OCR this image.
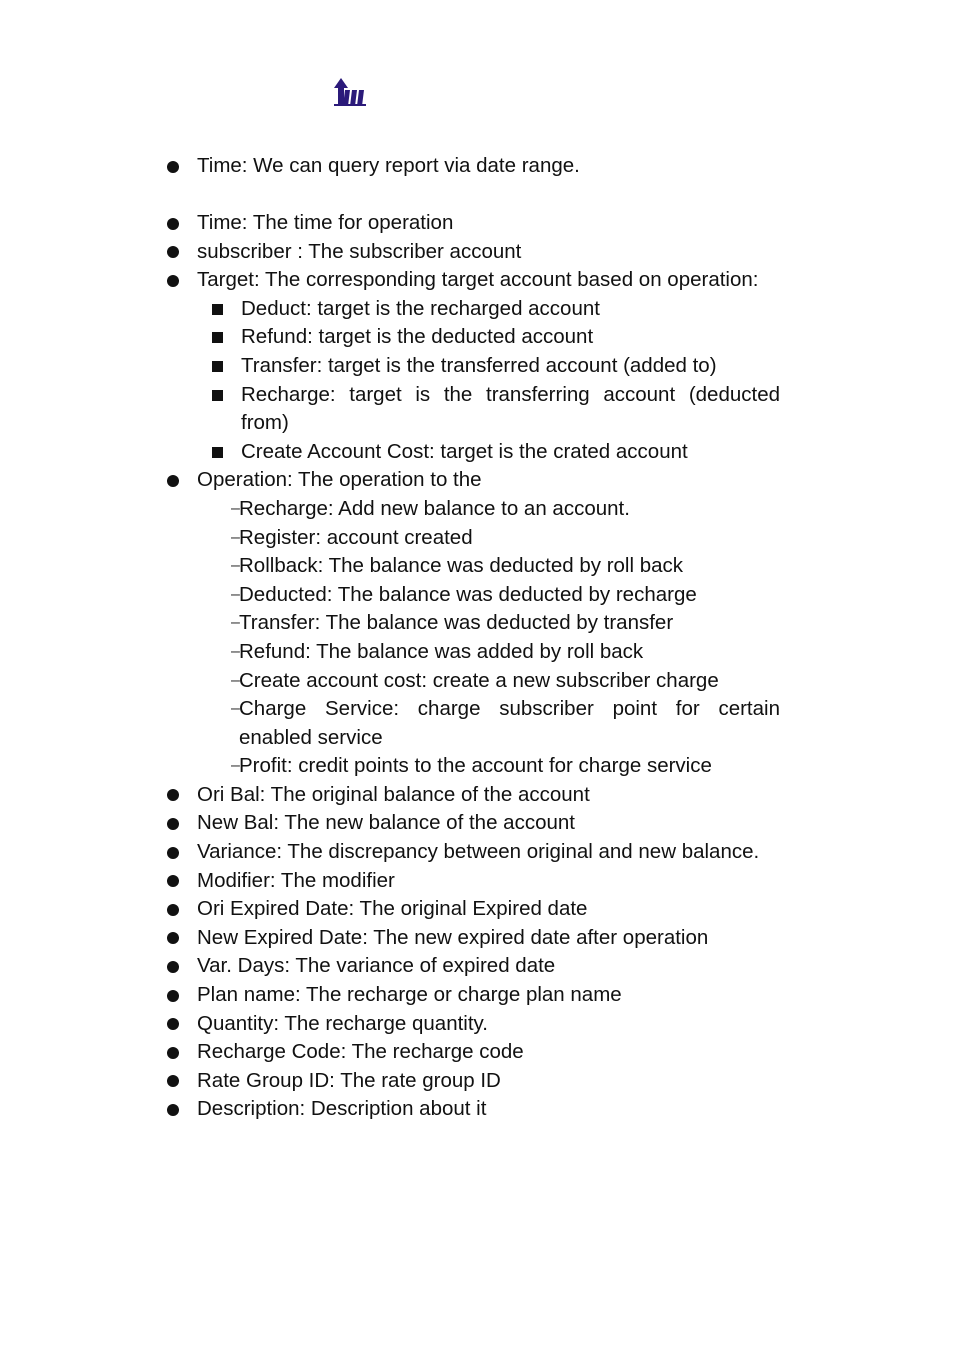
Time: We can query report via date range.
Time: The time for operation
subscriber : The subscriber account
Target: The corresponding target account based on operation:
Deduct: target is the recharged account
Refund: target is the deducted account
Transfer: target is the transferred account (added to)
Recharge: target is the transferring account (deducted from)
Create Account Cost: target is the crated account
Operation: The operation to the
– Recharge: Add new balance to an account.
– Register: account created
– Rollback: The balance was deducted by roll back
– Deducted: The balance was deducted by recharge
– Transfer: The balance was deducted by transfer
– Refund: The balance was added by roll back
– Create account cost: create a new subscriber charge
– Charge Service: charge subscriber point for certain enabled service
– Profit: credit points to the account for charge service
Ori Bal: The original balance of the account
New Bal: The new balance of the account
Variance: The discrepancy between original and new balance.
Modifier: The modifier
Ori Expired Date: The original Expired date
New Expired Date: The new expired date after operation
Var. Days: The variance of expired date
Plan name: The recharge or charge plan name
Quantity: The recharge quantity.
Recharge Code: The recharge code
Rate Group ID: The rate group ID
Description: Description about it
